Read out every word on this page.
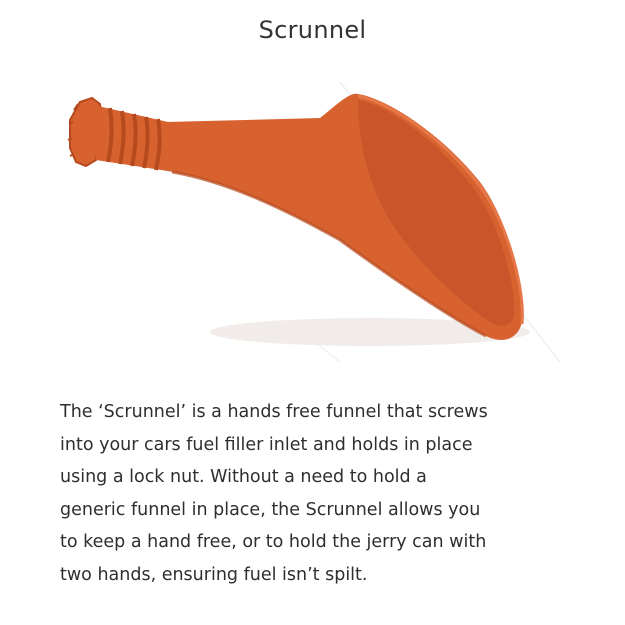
Scrunnel
The ‘Scrunnel’ is a hands free funnel that screws
into your cars fuel filler inlet and holds in place
using a lock nut. Without a need to hold a
generic funnel in place, the Scrunnel allows you
to keep a hand free, or to hold the jerry can with
two hands, ensuring fuel isn’t spilt.
